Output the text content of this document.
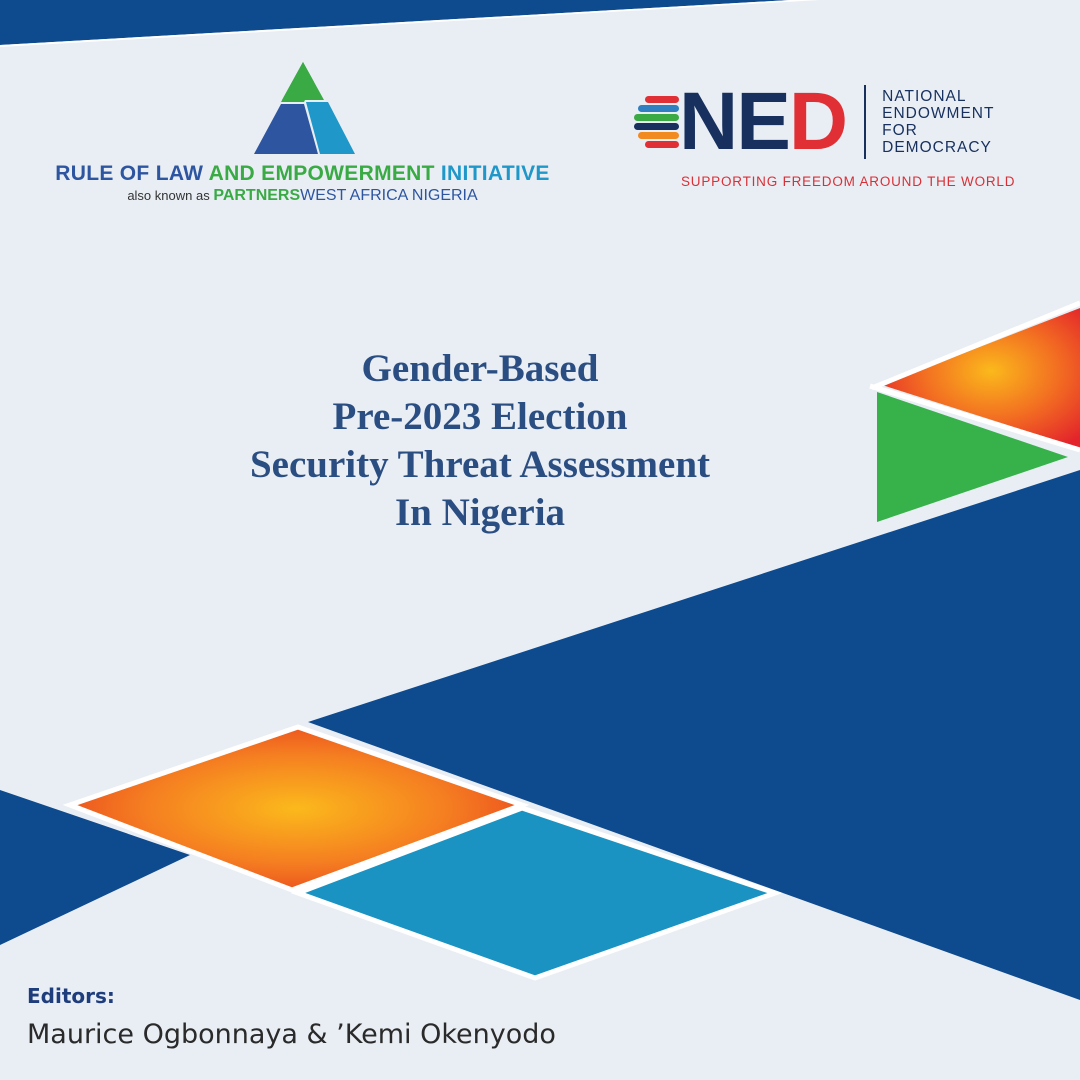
RULE OF LAW AND EMPOWERMENT INITIATIVE
also known as PARTNERSWEST AFRICA NIGERIA
NED NATIONAL
ENDOWMENT
FOR
DEMOCRACY
SUPPORTING FREEDOM AROUND THE WORLD
Gender-Based
Pre-2023 Election
Security Threat Assessment
In Nigeria
Editors:
Maurice Ogbonnaya & ’Kemi Okenyodo
